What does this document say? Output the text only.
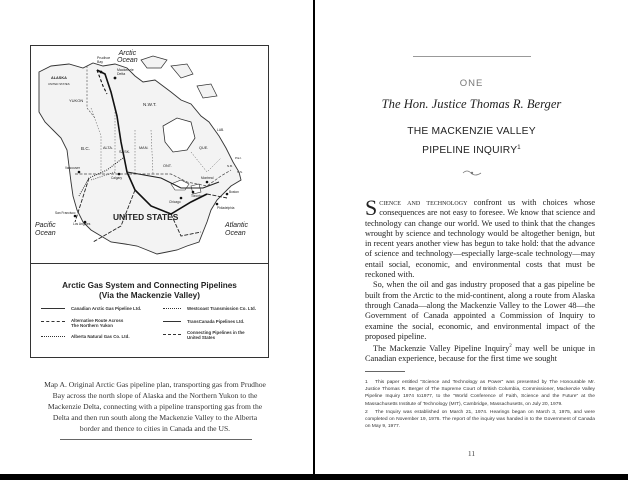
Arctic
Ocean
Prudhoe
Bay
Mackenzie
Delta
ALASKA
UNITED STATES
YUKON
N.W.T.
B.C.	ALTA.
SASK.
MAN.
ONT.
QUE.
LAB.
N.B.
N.S.
P.E.I.
Vancouver
Calgary
Toronto
Montreal
Chicago
Boston
Philadelphia
San Francisco
Los Angeles
UNITED STATES
Pacific
Ocean
Atlantic
Ocean
Arctic Gas System and Connecting Pipelines
(Via the Mackenzie Valley)
Canadian Arctic Gas Pipeline Ltd.	Westcoast Transmission Co. Ltd.
Alternative Route Across
The Northern Yukon
TransCanada Pipelines Ltd.
Connecting Pipelines in the
United States
Alberta Natural Gas Co. Ltd.
Map A. Original Arctic Gas pipeline plan, transporting gas from Prudhoe Bay across the north slope of Alaska and the Northern Yukon to the Mackenzie Delta, connecting with a pipeline transporting gas from the Delta and then run south along the Mackenzie Valley to the Alberta border and thence to cities in Canada and the US.
ONE
The Hon. Justice Thomas R. Berger
THE MACKENZIE VALLEY
PIPELINE INQUIRY$^1$

Science and technology confront us with choices whose consequences are not easy to foresee. We know that science and technology can change our world. We used to think that the changes wrought by science and technology would be altogether benign, but in recent years another view has begun to take hold: that the advance of science and technology—especially large-scale technology—may entail social, economic, and environmental costs that must be reckoned with.

So, when the oil and gas industry proposed that a gas pipeline be built from the Arctic to the mid-continent, along a route from Alaska through Canada—along the Mackenzie Valley to the Lower 48—the Government of Canada appointed a Commission of Inquiry to examine the social, economic, and environmental impact of the proposed pipeline.

The Mackenzie Valley Pipeline Inquiry$^2$ may well be unique in Canadian experience, because for the first time we sought

1 This paper entitled “Science and Technology as Power” was presented by The Honourable Mr. Justice Thomas R. Berger of The Supreme Court of British Columbia, Commissioner, Mackenzie Valley Pipeline Inquiry 1974 to1977, to the “World Conference of Faith, Science and the Future” at the Massachusetts Institute of Technology (MIT), Cambridge, Massachusetts, on July 20, 1979.

2 The Inquiry was established on March 21, 1974. Hearings began on March 3, 1975, and were completed on November 19, 1976. The report of the inquiry was handed in to the Government of Canada on May 9, 1977.

11
